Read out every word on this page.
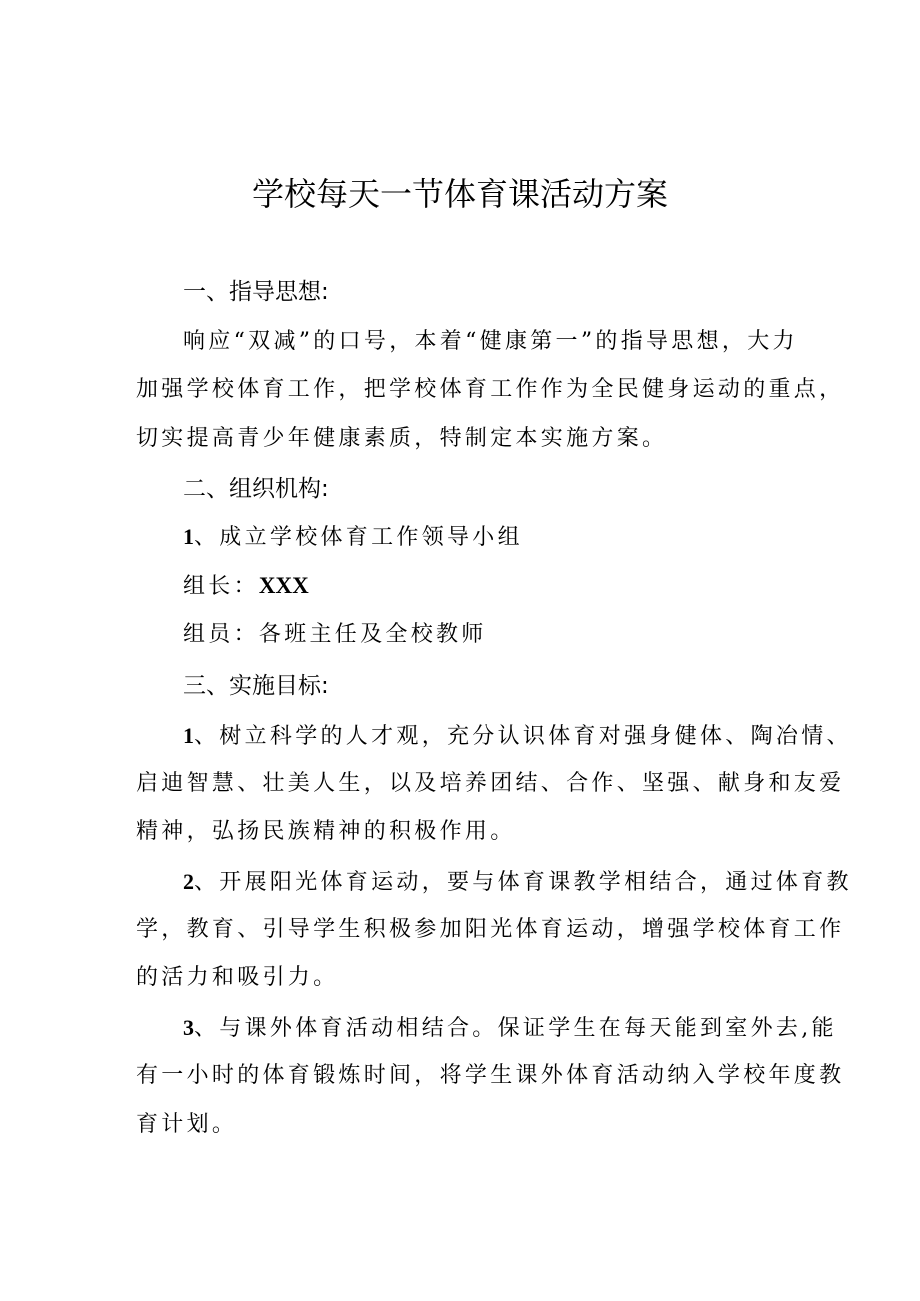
学校每天一节体育课活动方案
一、指导思想:
响应“双减”的口号，本着“健康第一”的指导思想，大力
加强学校体育工作，把学校体育工作作为全民健身运动的重点，
切实提高青少年健康素质，特制定本实施方案。
二、组织机构:
1、成立学校体育工作领导小组
组长：XXX
组员：各班主任及全校教师
三、实施目标:
1、树立科学的人才观，充分认识体育对强身健体、陶冶情、
启迪智慧、壮美人生，以及培养团结、合作、坚强、献身和友爱
精神，弘扬民族精神的积极作用。
2、开展阳光体育运动，要与体育课教学相结合，通过体育教
学，教育、引导学生积极参加阳光体育运动，增强学校体育工作
的活力和吸引力。
3、与课外体育活动相结合。保证学生在每天能到室外去,能
有一小时的体育锻炼时间，将学生课外体育活动纳入学校年度教
育计划。
